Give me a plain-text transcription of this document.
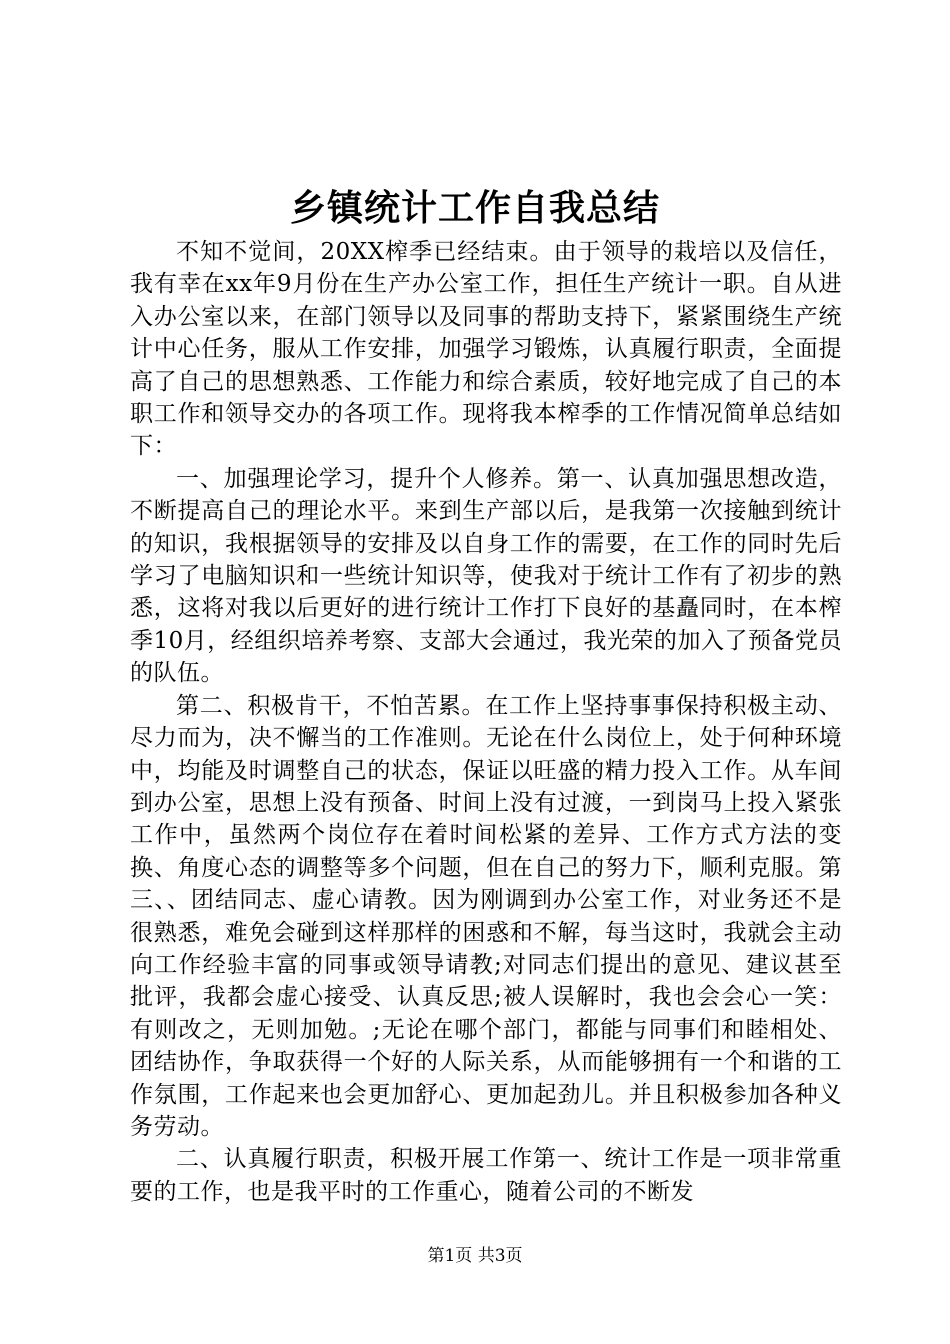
乡镇统计工作自我总结

不知不觉间，20XX榨季已经结束。由于领导的栽培以及信任，我有幸在xx年9月份在生产办公室工作，担任生产统计一职。自从进入办公室以来，在部门领导以及同事的帮助支持下，紧紧围绕生产统计中心任务，服从工作安排，加强学习锻炼，认真履行职责，全面提高了自己的思想熟悉、工作能力和综合素质，较好地完成了自己的本职工作和领导交办的各项工作。现将我本榨季的工作情况简单总结如下：

一、加强理论学习，提升个人修养。第一、认真加强思想改造，不断提高自己的理论水平。来到生产部以后，是我第一次接触到统计的知识，我根据领导的安排及以自身工作的需要，在工作的同时先后学习了电脑知识和一些统计知识等，使我对于统计工作有了初步的熟悉，这将对我以后更好的进行统计工作打下良好的基矗同时，在本榨季10月，经组织培养考察、支部大会通过，我光荣的加入了预备党员的队伍。

第二、积极肯干，不怕苦累。在工作上坚持事事保持积极主动、尽力而为，决不懈当的工作准则。无论在什么岗位上，处于何种环境中，均能及时调整自己的状态，保证以旺盛的精力投入工作。从车间到办公室，思想上没有预备、时间上没有过渡，一到岗马上投入紧张工作中，虽然两个岗位存在着时间松紧的差异、工作方式方法的变换、角度心态的调整等多个问题，但在自己的努力下，顺利克服。第三、、团结同志、虚心请教。因为刚调到办公室工作，对业务还不是很熟悉，难免会碰到这样那样的困惑和不解，每当这时，我就会主动向工作经验丰富的同事或领导请教;对同志们提出的意见、建议甚至批评，我都会虚心接受、认真反思;被人误解时，我也会会心一笑：有则改之，无则加勉。;无论在哪个部门，都能与同事们和睦相处、团结协作，争取获得一个好的人际关系，从而能够拥有一个和谐的工作氛围，工作起来也会更加舒心、更加起劲儿。并且积极参加各种义务劳动。

二、认真履行职责，积极开展工作第一、统计工作是一项非常重要的工作，也是我平时的工作重心，随着公司的不断发

第1页 共3页
